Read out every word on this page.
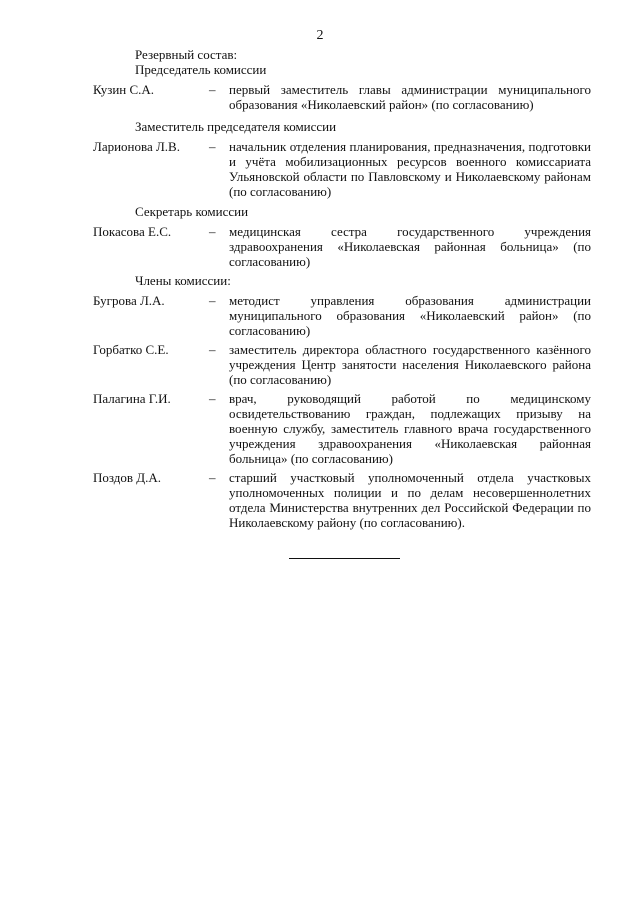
2
Резервный состав:
Председатель комиссии
Кузин С.А.	– первый заместитель главы администрации муниципального образования «Николаевский район» (по согласованию)
Заместитель председателя комиссии
Ларионова Л.В. – начальник отделения планирования, предназначения, подготовки и учёта мобилизационных ресурсов военного комиссариата Ульяновской области по Павловскому и Николаевскому районам (по согласованию)
Секретарь комиссии
Покасова Е.С.	– медицинская сестра государственного учреждения здравоохранения «Николаевская районная больница» (по согласованию)
Члены комиссии:
Бугрова Л.А.	– методист управления образования администрации муниципального образования «Николаевский район» (по согласованию)
Горбатко С.Е.	– заместитель директора областного государственного казённого учреждения Центр занятости населения Николаевского района (по согласованию)
Палагина Г.И.	– врач, руководящий работой по медицинскому освидетельствованию граждан, подлежащих призыву на военную службу, заместитель главного врача государственного учреждения здравоохранения «Николаевская районная больница» (по согласованию)
Поздов Д.А.	– старший участковый уполномоченный отдела участковых уполномоченных полиции и по делам несовершеннолетних отдела Министерства внутренних дел Российской Федерации по Николаевскому району (по согласованию).
